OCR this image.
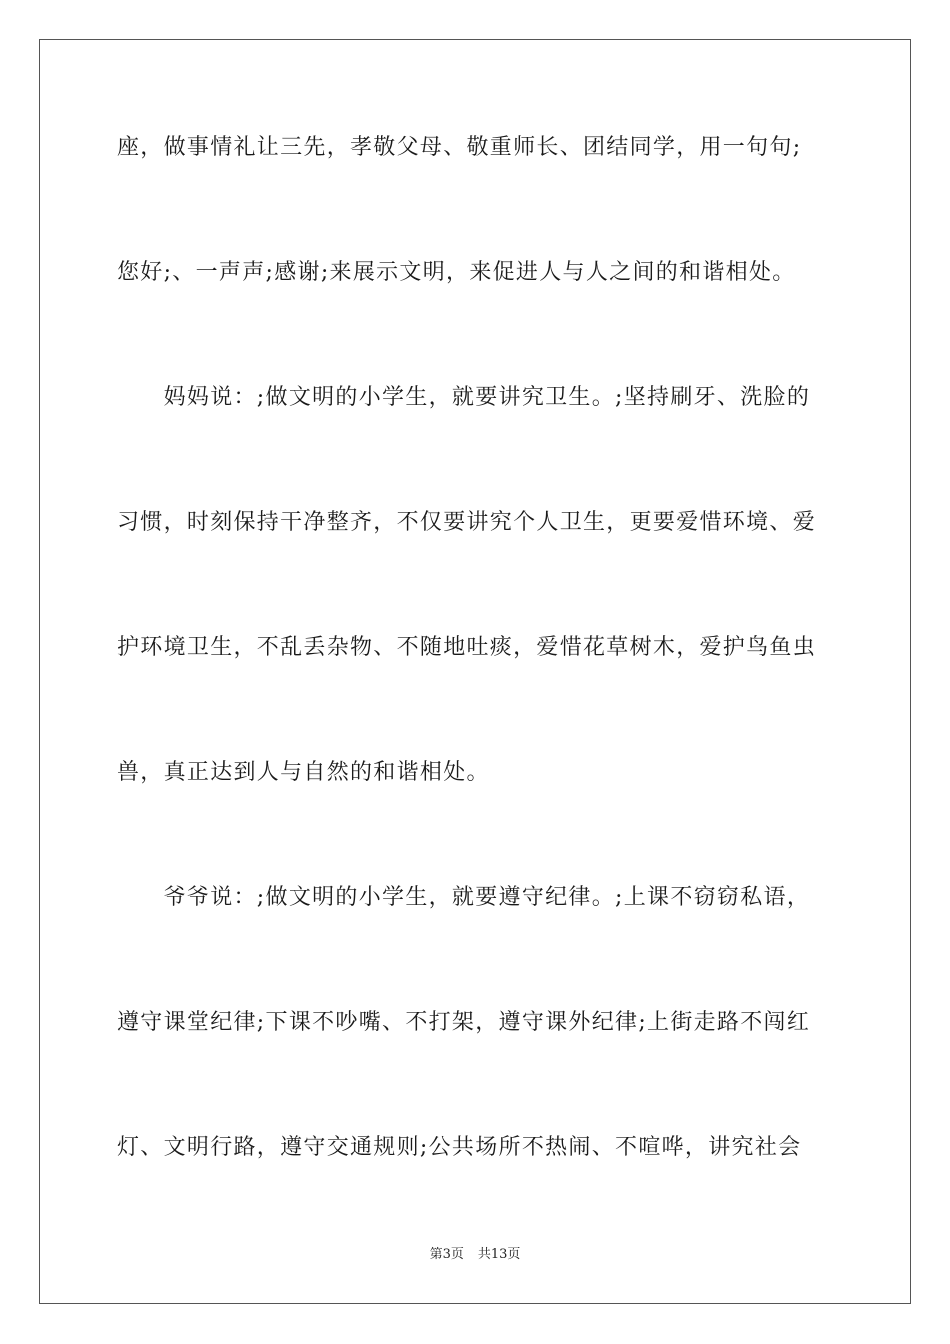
座，做事情礼让三先，孝敬父母、敬重师长、团结同学，用一句句;
您好;、一声声;感谢;来展示文明，来促进人与人之间的和谐相处。
　　妈妈说：;做文明的小学生，就要讲究卫生。;坚持刷牙、洗脸的
习惯，时刻保持干净整齐，不仅要讲究个人卫生，更要爱惜环境、爱
护环境卫生，不乱丢杂物、不随地吐痰，爱惜花草树木，爱护鸟鱼虫
兽，真正达到人与自然的和谐相处。
　　爷爷说：;做文明的小学生，就要遵守纪律。;上课不窃窃私语，
遵守课堂纪律;下课不吵嘴、不打架，遵守课外纪律;上街走路不闯红
灯、文明行路，遵守交通规则;公共场所不热闹、不喧哗，讲究社会
第3页 共13页
